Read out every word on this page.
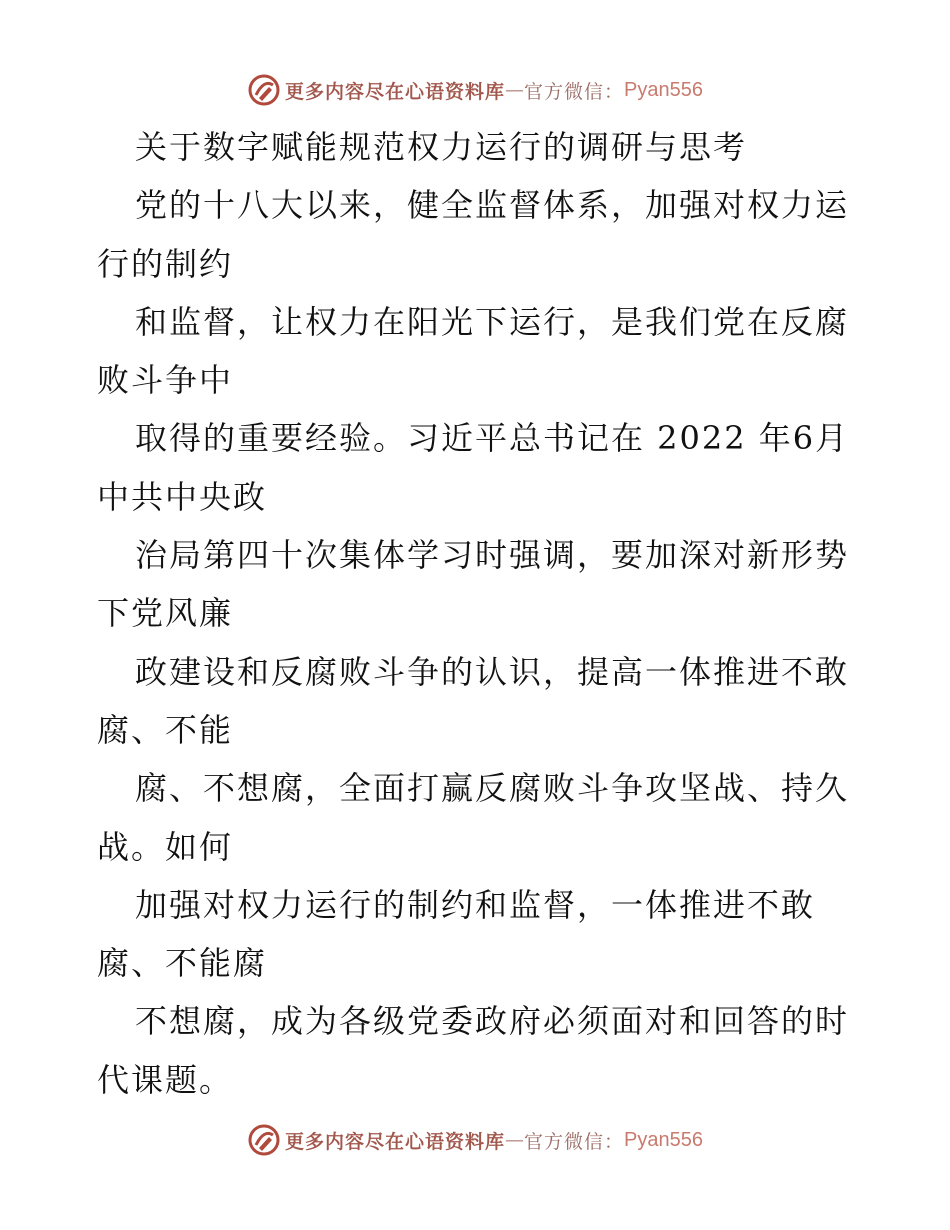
更多内容尽在心语资料库 — 官方微信： Pyan556
关于数字赋能规范权力运行的调研与思考
党的十八大以来，健全监督体系，加强对权力运
行的制约
和监督，让权力在阳光下运行，是我们党在反腐
败斗争中
取得的重要经验。习近平总书记在 2022 年6月
中共中央政
治局第四十次集体学习时强调，要加深对新形势
下党风廉
政建设和反腐败斗争的认识，提高一体推进不敢
腐、不能
腐、不想腐，全面打赢反腐败斗争攻坚战、持久
战。如何
加强对权力运行的制约和监督，一体推进不敢
腐、不能腐
不想腐，成为各级党委政府必须面对和回答的时
代课题。
更多内容尽在心语资料库 — 官方微信： Pyan556
